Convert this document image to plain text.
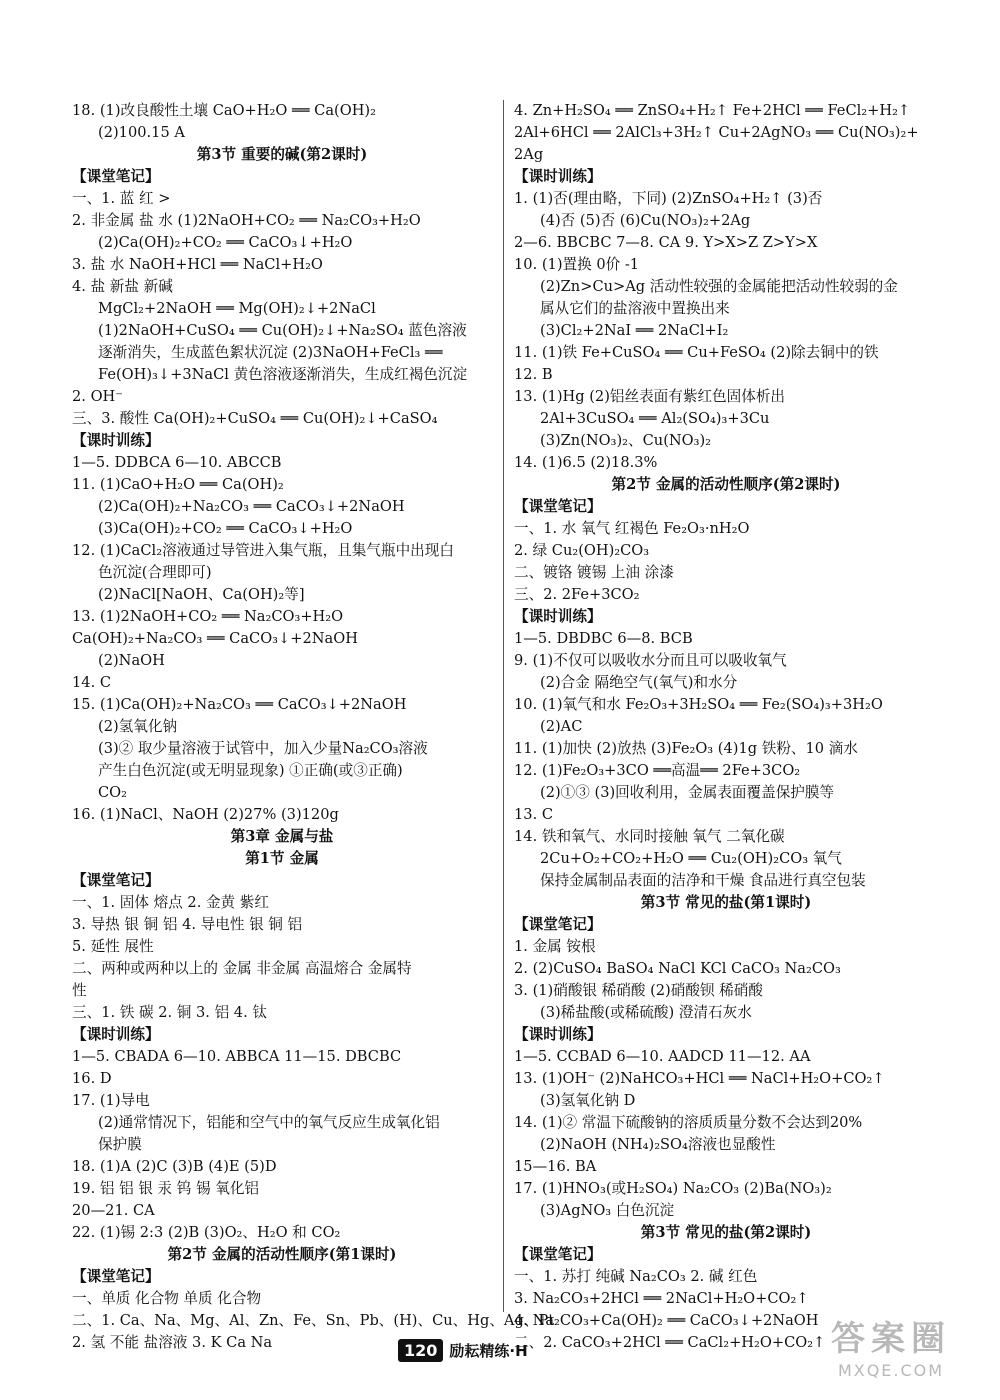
18. (1)改良酸性土壤 CaO+H₂O ══ Ca(OH)₂
(2)100.15 A
第3节 重要的碱(第2课时)
【课堂笔记】
一、1. 蓝 红 >
2. 非金属 盐 水 (1)2NaOH+CO₂ ══ Na₂CO₃+H₂O
(2)Ca(OH)₂+CO₂ ══ CaCO₃↓+H₂O
3. 盐 水 NaOH+HCl ══ NaCl+H₂O
4. 盐 新盐 新碱
MgCl₂+2NaOH ══ Mg(OH)₂↓+2NaCl
(1)2NaOH+CuSO₄ ══ Cu(OH)₂↓+Na₂SO₄ 蓝色溶液
逐渐消失，生成蓝色絮状沉淀 (2)3NaOH+FeCl₃ ══
Fe(OH)₃↓+3NaCl 黄色溶液逐渐消失，生成红褐色沉淀
2. OH⁻
三、3. 酸性 Ca(OH)₂+CuSO₄ ══ Cu(OH)₂↓+CaSO₄
【课时训练】
1—5. DDBCA 6—10. ABCCB
11. (1)CaO+H₂O ══ Ca(OH)₂
(2)Ca(OH)₂+Na₂CO₃ ══ CaCO₃↓+2NaOH
(3)Ca(OH)₂+CO₂ ══ CaCO₃↓+H₂O
12. (1)CaCl₂溶液通过导管进入集气瓶，且集气瓶中出现白
色沉淀(合理即可)
(2)NaCl[NaOH、Ca(OH)₂等]
13. (1)2NaOH+CO₂ ══ Na₂CO₃+H₂O
Ca(OH)₂+Na₂CO₃ ══ CaCO₃↓+2NaOH
(2)NaOH
14. C
15. (1)Ca(OH)₂+Na₂CO₃ ══ CaCO₃↓+2NaOH
(2)氢氧化钠
(3)② 取少量溶液于试管中，加入少量Na₂CO₃溶液
产生白色沉淀(或无明显现象) ①正确(或③正确)
CO₂
16. (1)NaCl、NaOH (2)27% (3)120g
第3章 金属与盐
第1节 金属
【课堂笔记】
一、1. 固体 熔点 2. 金黄 紫红
3. 导热 银 铜 铝 4. 导电性 银 铜 铝
5. 延性 展性
二、两种或两种以上的 金属 非金属 高温熔合 金属特
性
三、1. 铁 碳 2. 铜 3. 铝 4. 钛
【课时训练】
1—5. CBADA 6—10. ABBCA 11—15. DBCBC
16. D
17. (1)导电
(2)通常情况下，铝能和空气中的氧气反应生成氧化铝
保护膜
18. (1)A (2)C (3)B (4)E (5)D
19. 铝 铝 银 汞 钨 锡 氧化铝
20—21. CA
22. (1)锡 2:3 (2)B (3)O₂、H₂O 和 CO₂
第2节 金属的活动性顺序(第1课时)
【课堂笔记】
一、单质 化合物 单质 化合物
二、1. Ca、Na、Mg、Al、Zn、Fe、Sn、Pb、(H)、Cu、Hg、Ag、Pt
2. 氢 不能 盐溶液 3. K Ca Na
4. Zn+H₂SO₄ ══ ZnSO₄+H₂↑ Fe+2HCl ══ FeCl₂+H₂↑
2Al+6HCl ══ 2AlCl₃+3H₂↑ Cu+2AgNO₃ ══ Cu(NO₃)₂+
2Ag
【课时训练】
1. (1)否(理由略，下同) (2)ZnSO₄+H₂↑ (3)否
(4)否 (5)否 (6)Cu(NO₃)₂+2Ag
2—6. BBCBC 7—8. CA 9. Y>X>Z Z>Y>X
10. (1)置换 0价 -1
(2)Zn>Cu>Ag 活动性较强的金属能把活动性较弱的金
属从它们的盐溶液中置换出来
(3)Cl₂+2NaI ══ 2NaCl+I₂
11. (1)铁 Fe+CuSO₄ ══ Cu+FeSO₄ (2)除去铜中的铁
12. B
13. (1)Hg (2)铝丝表面有紫红色固体析出
2Al+3CuSO₄ ══ Al₂(SO₄)₃+3Cu
(3)Zn(NO₃)₂、Cu(NO₃)₂
14. (1)6.5 (2)18.3%
第2节 金属的活动性顺序(第2课时)
【课堂笔记】
一、1. 水 氧气 红褐色 Fe₂O₃·nH₂O
2. 绿 Cu₂(OH)₂CO₃
二、镀铬 镀锡 上油 涂漆
三、2. 2Fe+3CO₂
【课时训练】
1—5. DBDBC 6—8. BCB
9. (1)不仅可以吸收水分而且可以吸收氧气
(2)合金 隔绝空气(氧气)和水分
10. (1)氧气和水 Fe₂O₃+3H₂SO₄ ══ Fe₂(SO₄)₃+3H₂O
(2)AC
11. (1)加快 (2)放热 (3)Fe₂O₃ (4)1g 铁粉、10 滴水
12. (1)Fe₂O₃+3CO ══高温══ 2Fe+3CO₂
(2)①③ (3)回收利用，金属表面覆盖保护膜等
13. C
14. 铁和氧气、水同时接触 氧气 二氧化碳
2Cu+O₂+CO₂+H₂O ══ Cu₂(OH)₂CO₃ 氧气
保持金属制品表面的洁净和干燥 食品进行真空包装
第3节 常见的盐(第1课时)
【课堂笔记】
1. 金属 铵根
2. (2)CuSO₄ BaSO₄ NaCl KCl CaCO₃ Na₂CO₃
3. (1)硝酸银 稀硝酸 (2)硝酸钡 稀硝酸
(3)稀盐酸(或稀硫酸) 澄清石灰水
【课时训练】
1—5. CCBAD 6—10. AADCD 11—12. AA
13. (1)OH⁻ (2)NaHCO₃+HCl ══ NaCl+H₂O+CO₂↑
(3)氢氧化钠 D
14. (1)② 常温下硫酸钠的溶质质量分数不会达到20%
(2)NaOH (NH₄)₂SO₄溶液也显酸性
15—16. BA
17. (1)HNO₃(或H₂SO₄) Na₂CO₃ (2)Ba(NO₃)₂
(3)AgNO₃ 白色沉淀
第3节 常见的盐(第2课时)
【课堂笔记】
一、1. 苏打 纯碱 Na₂CO₃ 2. 碱 红色
3. Na₂CO₃+2HCl ══ 2NaCl+H₂O+CO₂↑
4. Na₂CO₃+Ca(OH)₂ ══ CaCO₃↓+2NaOH
二、2. CaCO₃+2HCl ══ CaCl₂+H₂O+CO₂↑
120 励耘精练·H	答案圈
MXQE.COM
